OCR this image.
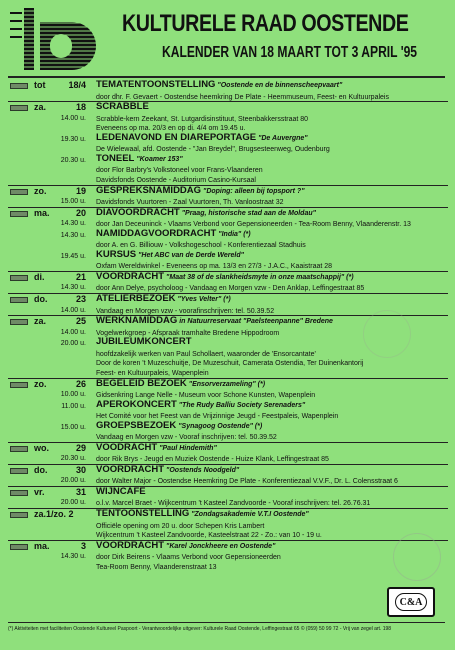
KULTURELE RAAD OOSTENDE
KALENDER VAN 18 MAART TOT 3 APRIL '95
tot	18/4 TEMATENTOONSTELLING "Oostende en de binnenscheepvaart"
door dhr. F. Gevaert - Oostendse heemkring De Plate - Heemmuseum, Feest- en Kultuurpaleis
za.	18 SCRABBLE
14.00 u. Scrabble-kern Zeekant, St. Lutgardisinstituut, Steenbakkersstraat 80
Eveneens op ma. 20/3 en op di. 4/4 om 19.45 u.
19.30 u. LEDENAVOND EN DIAREPORTAGE "De Auvergne"
De Wielewaal, afd. Oostende - "Jan Breydel", Brugsesteenweg, Oudenburg
20.30 u. TONEEL "Koamer 153"
door Flor Barbry's Volkstoneel voor Frans-Vlaanderen
Davidsfonds Oostende - Auditorium Casino-Kursaal
zo.	19 GESPREKSNAMIDDAG "Doping: alleen bij topsport ?"
15.00 u. Davidsfonds Vuurtoren - Zaal Vuurtoren, Th. Vanloostraat 32
ma.	20 DIAVOORDRACHT "Praag, historische stad aan de Moldau"
14.30 u. door Jan Deceuninck - Vlaams Verbond voor Gepensioneerden - Tea-Room Benny, Vlaanderenstr. 13
14.30 u. NAMIDDAGVOORDRACHT "India" (*)
door A. en G. Billiouw - Volkshogeschool - Konferentiezaal Stadhuis
19.45 u. KURSUS "Het ABC van de Derde Wereld"
Oxfam Wereldwinkel - Eveneens op ma. 13/3 en 27/3 - J.A.C., Kaaistraat 28
di.	21 VOORDRACHT "Maat 38 of de slankheidsmyte in onze maatschappij" (*)
14.30 u. door Ann Delye, psycholoog - Vandaag en Morgen vzw - Den Anklap, Leffingestraat 85
do.	23 ATELIERBEZOEK "Yves Velter" (*)
14.00 u. Vandaag en Morgen vzw - voorafinschrijven: tel. 50.39.52
za.	25 WERKNAMIDDAG in Natuurreservaat "Paelsteenpanne" Bredene
14.00 u. Vogelwerkgroep - Afspraak tramhalte Bredene Hippodroom
20.00 u. JUBILEUMKONCERT
hoofdzakelijk werken van Paul Schollaert, waaronder de 'Ensorcantate'
Door de koren 't Muzeschuitje, De Muzeschuit, Camerata Ostendia, Ter Duinenkantorij
Feest- en Kultuurpaleis, Wapenplein
zo.	26 BEGELEID BEZOEK "Ensorverzameling" (*)
10.00 u. Gidsenkring Lange Nelle - Museum voor Schone Kunsten, Wapenplein
11.00 u. APEROKONCERT "The Rudy Balliu Society Serenaders"
Het Comité voor het Feest van de Vrijzinnige Jeugd - Feestpaleis, Wapenplein
15.00 u. GROEPSBEZOEK "Synagoog Oostende" (*)
Vandaag en Morgen vzw - Vooraf inschrijven: tel. 50.39.52
wo.	29 VOODRACHT "Paul Hindemith"
20.30 u. door Rik Brys - Jeugd en Muziek Oostende - Huize Klank, Leffingestraat 85
do.	30 VOORDRACHT "Oostends Noodgeld"
20.00 u. door Walter Major - Oostendse Heemkring De Plate - Konferentiezaal V.V.F., Dr. L. Colensstraat 6
vr.	31 WIJNCAFE
20.00 u. o.l.v. Marcel Braet - Wijkcentrum 't Kasteel Zandvoorde - Vooraf inschrijven: tel. 26.76.31
za.1/zo. 2 TENTOONSTELLING "Zondagsakademie V.T.I Oostende"
Officiële opening om 20 u. door Schepen Kris Lambert
Wijkcentrum 't Kasteel Zandvoorde, Kasteelstraat 22 - Zo.: van 10 - 19 u.
ma.	3 VOORDRACHT "Karel Jonckheere en Oostende"
14.30 u. door Dirk Beirens - Vlaams Verbond voor Gepensioneerden
Tea-Room Benny, Vlaanderenstraat 13
C&A
(*) Aktiviteiten met faciliteiten Oostende Kultureel Paspoort - Verantwoordelijke uitgever: Kulturele Raad Oostende, Leffingestraat 65 © (059) 50 99 72 - Vrij van zegel art. 198
